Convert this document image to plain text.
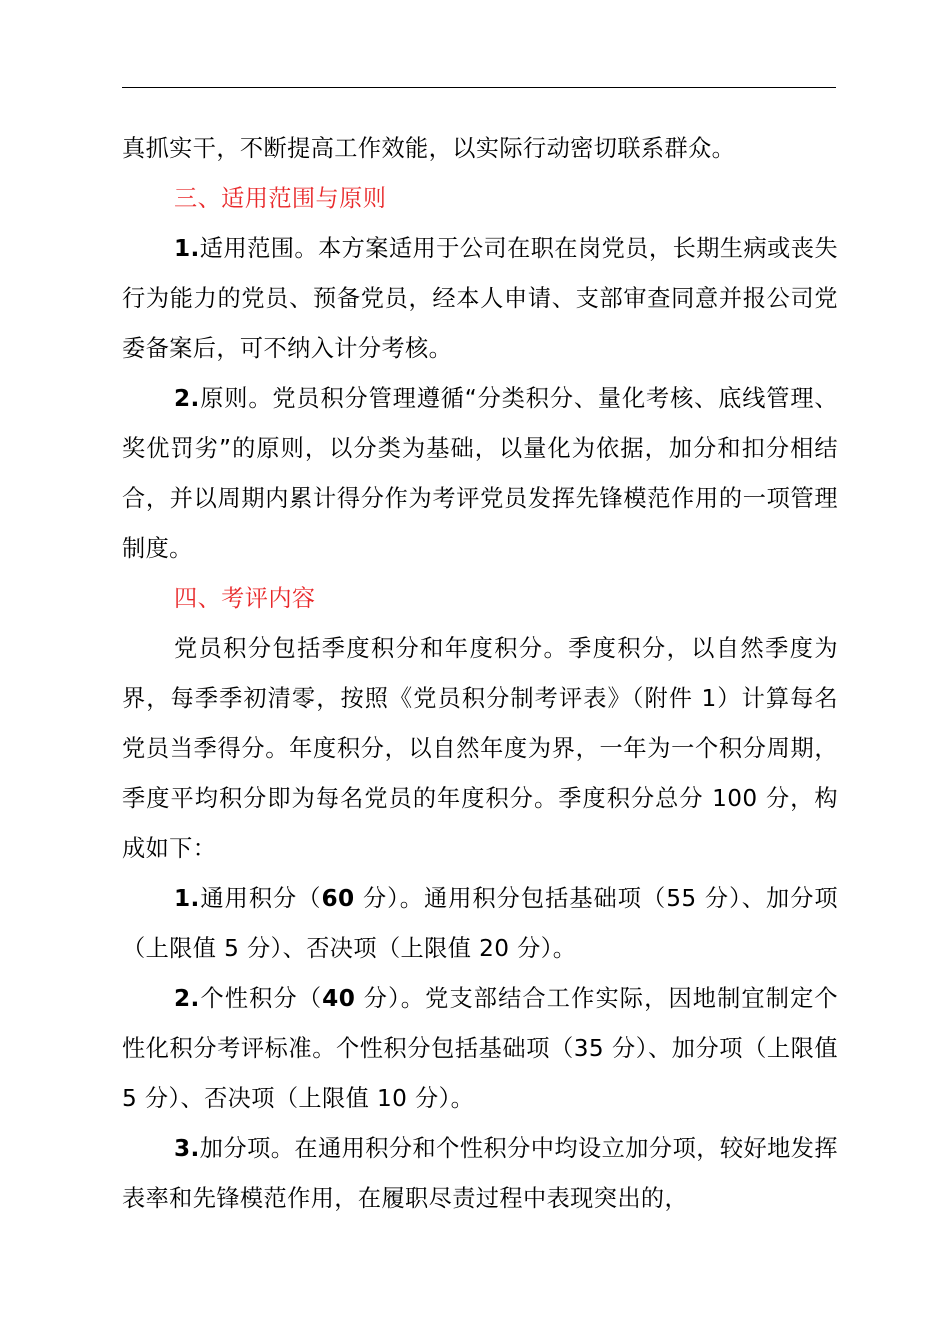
真抓实干，不断提高工作效能，以实际行动密切联系群众。

三、适用范围与原则

1.适用范围。本方案适用于公司在职在岗党员，长期生病或丧失行为能力的党员、预备党员，经本人申请、支部审查同意并报公司党委备案后，可不纳入计分考核。

2.原则。党员积分管理遵循“分类积分、量化考核、底线管理、奖优罚劣”的原则，以分类为基础，以量化为依据，加分和扣分相结合，并以周期内累计得分作为考评党员发挥先锋模范作用的一项管理制度。

四、考评内容

党员积分包括季度积分和年度积分。季度积分，以自然季度为界，每季季初清零，按照《党员积分制考评表》（附件 1）计算每名党员当季得分。年度积分，以自然年度为界，一年为一个积分周期，季度平均积分即为每名党员的年度积分。季度积分总分 100 分，构成如下：

1.通用积分（60 分）。通用积分包括基础项（55 分）、加分项（上限值 5 分）、否决项（上限值 20 分）。

2.个性积分（40 分）。党支部结合工作实际，因地制宜制定个性化积分考评标准。个性积分包括基础项（35 分）、加分项（上限值 5 分）、否决项（上限值 10 分）。

3.加分项。在通用积分和个性积分中均设立加分项，较好地发挥表率和先锋模范作用，在履职尽责过程中表现突出的，
